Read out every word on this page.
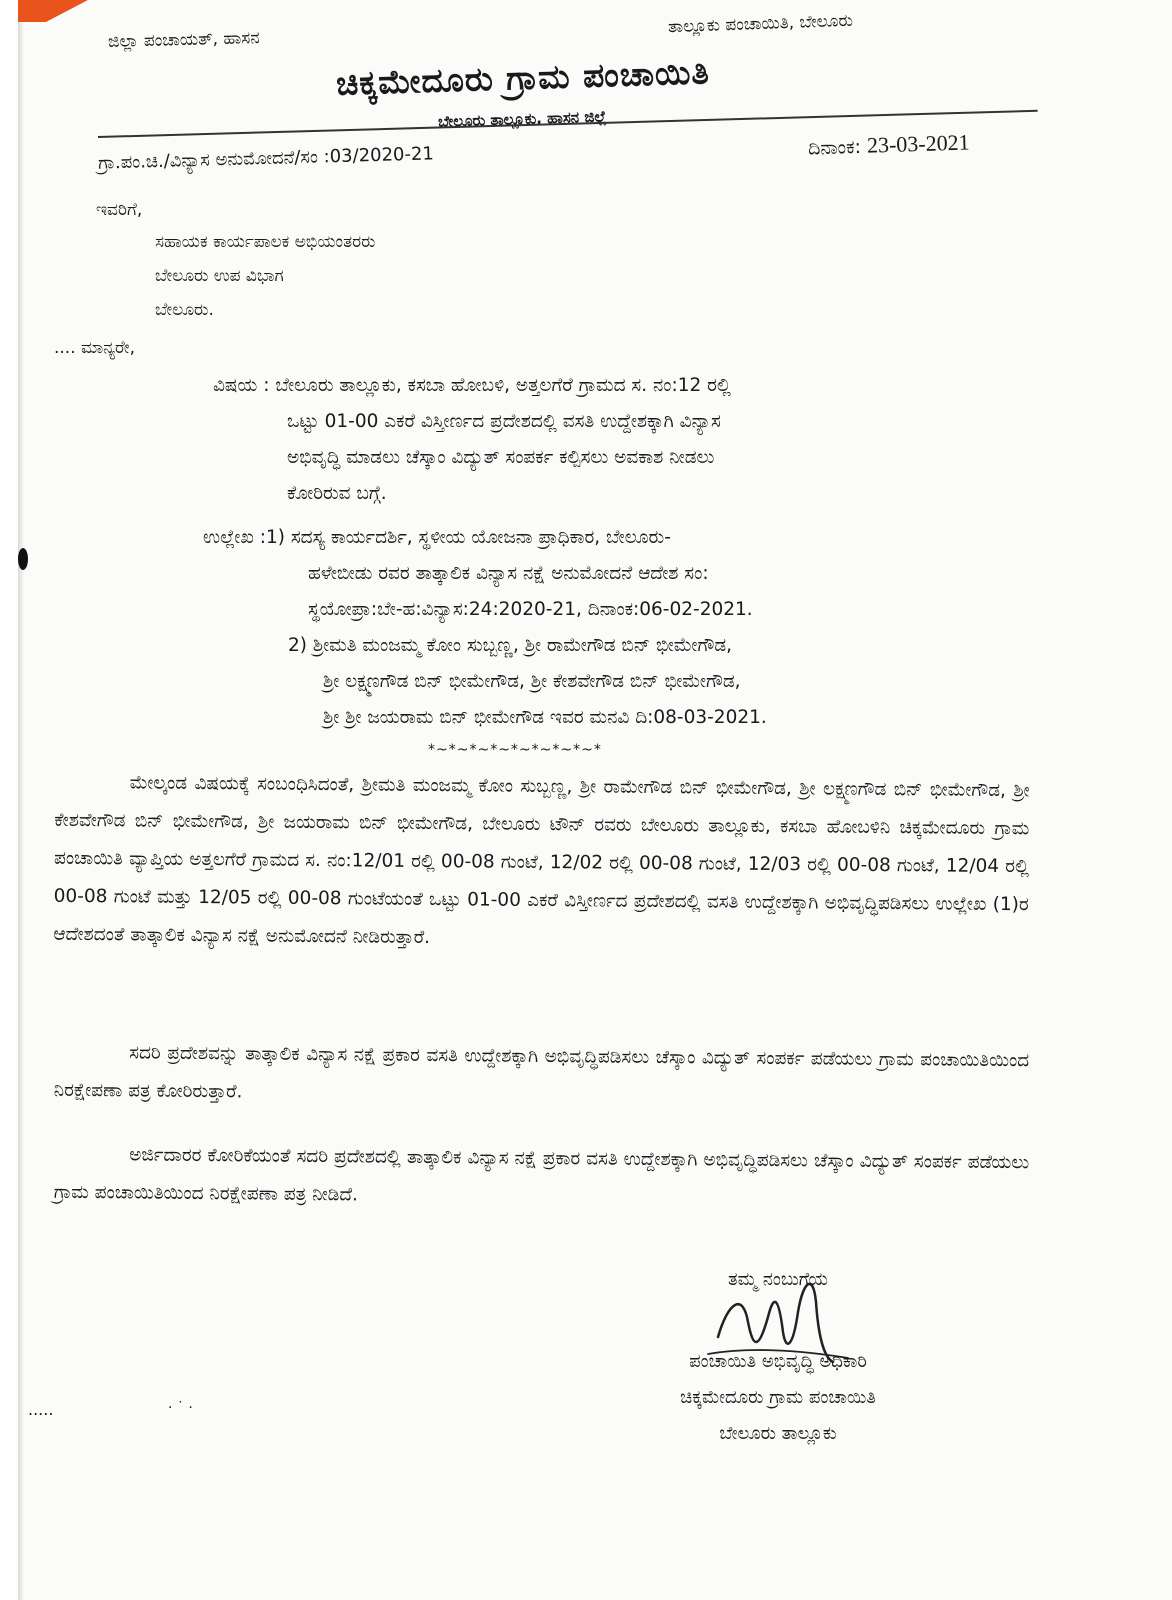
ಜಿಲ್ಲಾ ಪಂಚಾಯತ್, ಹಾಸನ
ತಾಲ್ಲೂಕು ಪಂಚಾಯಿತಿ, ಬೇಲೂರು
ಚಿಕ್ಕಮೇದೂರು ಗ್ರಾಮ ಪಂಚಾಯಿತಿ
ಬೇಲೂರು ತಾಲ್ಲೂಕು, ಹಾಸನ ಜಿಲ್ಲೆ
ಗ್ರಾ.ಪಂ.ಚಿ./ವಿನ್ಯಾಸ ಅನುಮೋದನೆ/ಸಂ :03/2020-21	ದಿನಾಂಕ: 23-03-2021
ಇವರಿಗೆ,
ಸಹಾಯಕ ಕಾರ್ಯಪಾಲಕ ಅಭಿಯಂತರರು
ಬೇಲೂರು ಉಪ ವಿಭಾಗ
ಬೇಲೂರು.
.... ಮಾನ್ಯರೇ,
ವಿಷಯ : ಬೇಲೂರು ತಾಲ್ಲೂಕು, ಕಸಬಾ ಹೋಬಳಿ, ಅತ್ತಲಗೆರೆ ಗ್ರಾಮದ ಸ. ನಂ:12 ರಲ್ಲಿ
ಒಟ್ಟು 01-00 ಎಕರೆ ವಿಸ್ತೀರ್ಣದ ಪ್ರದೇಶದಲ್ಲಿ ವಸತಿ ಉದ್ದೇಶಕ್ಕಾಗಿ ವಿನ್ಯಾಸ
ಅಭಿವೃದ್ಧಿ ಮಾಡಲು ಚೆಸ್ಕಾಂ ವಿದ್ಯುತ್ ಸಂಪರ್ಕ ಕಲ್ಪಿಸಲು ಅವಕಾಶ ನೀಡಲು
ಕೋರಿರುವ ಬಗ್ಗೆ.
ಉಲ್ಲೇಖ :1) ಸದಸ್ಯ ಕಾರ್ಯದರ್ಶಿ, ಸ್ಥಳೀಯ ಯೋಜನಾ ಪ್ರಾಧಿಕಾರ, ಬೇಲೂರು-
ಹಳೇಬೀಡು ರವರ ತಾತ್ಕಾಲಿಕ ವಿನ್ಯಾಸ ನಕ್ಷೆ ಅನುಮೋದನೆ ಆದೇಶ ಸಂ:
ಸ್ಥಯೋಪ್ರಾ:ಬೇ-ಹ:ವಿನ್ಯಾಸ:24:2020-21, ದಿನಾಂಕ:06-02-2021.
2) ಶ್ರೀಮತಿ ಮಂಜಮ್ಮ ಕೋಂ ಸುಬ್ಬಣ್ಣ, ಶ್ರೀ ರಾಮೇಗೌಡ ಬಿನ್ ಭೀಮೇಗೌಡ,
ಶ್ರೀ ಲಕ್ಷ್ಮಣಗೌಡ ಬಿನ್ ಭೀಮೇಗೌಡ, ಶ್ರೀ ಕೇಶವೇಗೌಡ ಬಿನ್ ಭೀಮೇಗೌಡ,
ಶ್ರೀ ಶ್ರೀ ಜಯರಾಮ ಬಿನ್ ಭೀಮೇಗೌಡ ಇವರ ಮನವಿ ದಿ:08-03-2021.
*~*~*~*~*~*~*~*~*
ಮೇಲ್ಕಂಡ ವಿಷಯಕ್ಕೆ ಸಂಬಂಧಿಸಿದಂತೆ, ಶ್ರೀಮತಿ ಮಂಜಮ್ಮ ಕೋಂ ಸುಬ್ಬಣ್ಣ, ಶ್ರೀ ರಾಮೇಗೌಡ ಬಿನ್ ಭೀಮೇಗೌಡ, ಶ್ರೀ ಲಕ್ಷ್ಮಣಗೌಡ ಬಿನ್ ಭೀಮೇಗೌಡ, ಶ್ರೀ ಕೇಶವೇಗೌಡ ಬಿನ್ ಭೀಮೇಗೌಡ, ಶ್ರೀ ಜಯರಾಮ ಬಿನ್ ಭೀಮೇಗೌಡ, ಬೇಲೂರು ಟೌನ್ ರವರು ಬೇಲೂರು ತಾಲ್ಲೂಕು, ಕಸಬಾ ಹೋಬಳಿನಿ ಚಿಕ್ಕಮೇದೂರು ಗ್ರಾಮ ಪಂಚಾಯಿತಿ ವ್ಯಾಪ್ತಿಯ ಅತ್ತಲಗೆರೆ ಗ್ರಾಮದ ಸ. ನಂ:12/01 ರಲ್ಲಿ 00-08 ಗುಂಟೆ, 12/02 ರಲ್ಲಿ 00-08 ಗುಂಟೆ, 12/03 ರಲ್ಲಿ 00-08 ಗುಂಟೆ, 12/04 ರಲ್ಲಿ 00-08 ಗುಂಟೆ ಮತ್ತು 12/05 ರಲ್ಲಿ 00-08 ಗುಂಟೆಯಂತೆ ಒಟ್ಟು 01-00 ಎಕರೆ ವಿಸ್ತೀರ್ಣದ ಪ್ರದೇಶದಲ್ಲಿ ವಸತಿ ಉದ್ದೇಶಕ್ಕಾಗಿ ಅಭಿವೃದ್ಧಿಪಡಿಸಲು ಉಲ್ಲೇಖ (1)ರ ಆದೇಶದಂತೆ ತಾತ್ಕಾಲಿಕ ವಿನ್ಯಾಸ ನಕ್ಷೆ ಅನುಮೋದನೆ ನೀಡಿರುತ್ತಾರೆ.
ಸದರಿ ಪ್ರದೇಶವನ್ನು ತಾತ್ಕಾಲಿಕ ವಿನ್ಯಾಸ ನಕ್ಷೆ ಪ್ರಕಾರ ವಸತಿ ಉದ್ದೇಶಕ್ಕಾಗಿ ಅಭಿವೃದ್ಧಿಪಡಿಸಲು ಚೆಸ್ಕಾಂ ವಿದ್ಯುತ್ ಸಂಪರ್ಕ ಪಡೆಯಲು ಗ್ರಾಮ ಪಂಚಾಯಿತಿಯಿಂದ ನಿರಕ್ಷೇಪಣಾ ಪತ್ರ ಕೋರಿರುತ್ತಾರೆ.
ಅರ್ಜಿದಾರರ ಕೋರಿಕೆಯಂತೆ ಸದರಿ ಪ್ರದೇಶದಲ್ಲಿ ತಾತ್ಕಾಲಿಕ ವಿನ್ಯಾಸ ನಕ್ಷೆ ಪ್ರಕಾರ ವಸತಿ ಉದ್ದೇಶಕ್ಕಾಗಿ ಅಭಿವೃದ್ಧಿಪಡಿಸಲು ಚೆಸ್ಕಾಂ ವಿದ್ಯುತ್ ಸಂಪರ್ಕ ಪಡೆಯಲು ಗ್ರಾಮ ಪಂಚಾಯಿತಿಯಿಂದ ನಿರಕ್ಷೇಪಣಾ ಪತ್ರ ನೀಡಿದೆ.
ತಮ್ಮ ನಂಬುಗೆಯ
ಪಂಚಾಯಿತಿ ಅಭಿವೃದ್ಧಿ ಅಧಿಕಾರಿ
ಚಿಕ್ಕಮೇದೂರು ಗ್ರಾಮ ಪಂಚಾಯಿತಿ
ಬೇಲೂರು ತಾಲ್ಲೂಕು
.....	· ˙ ·
